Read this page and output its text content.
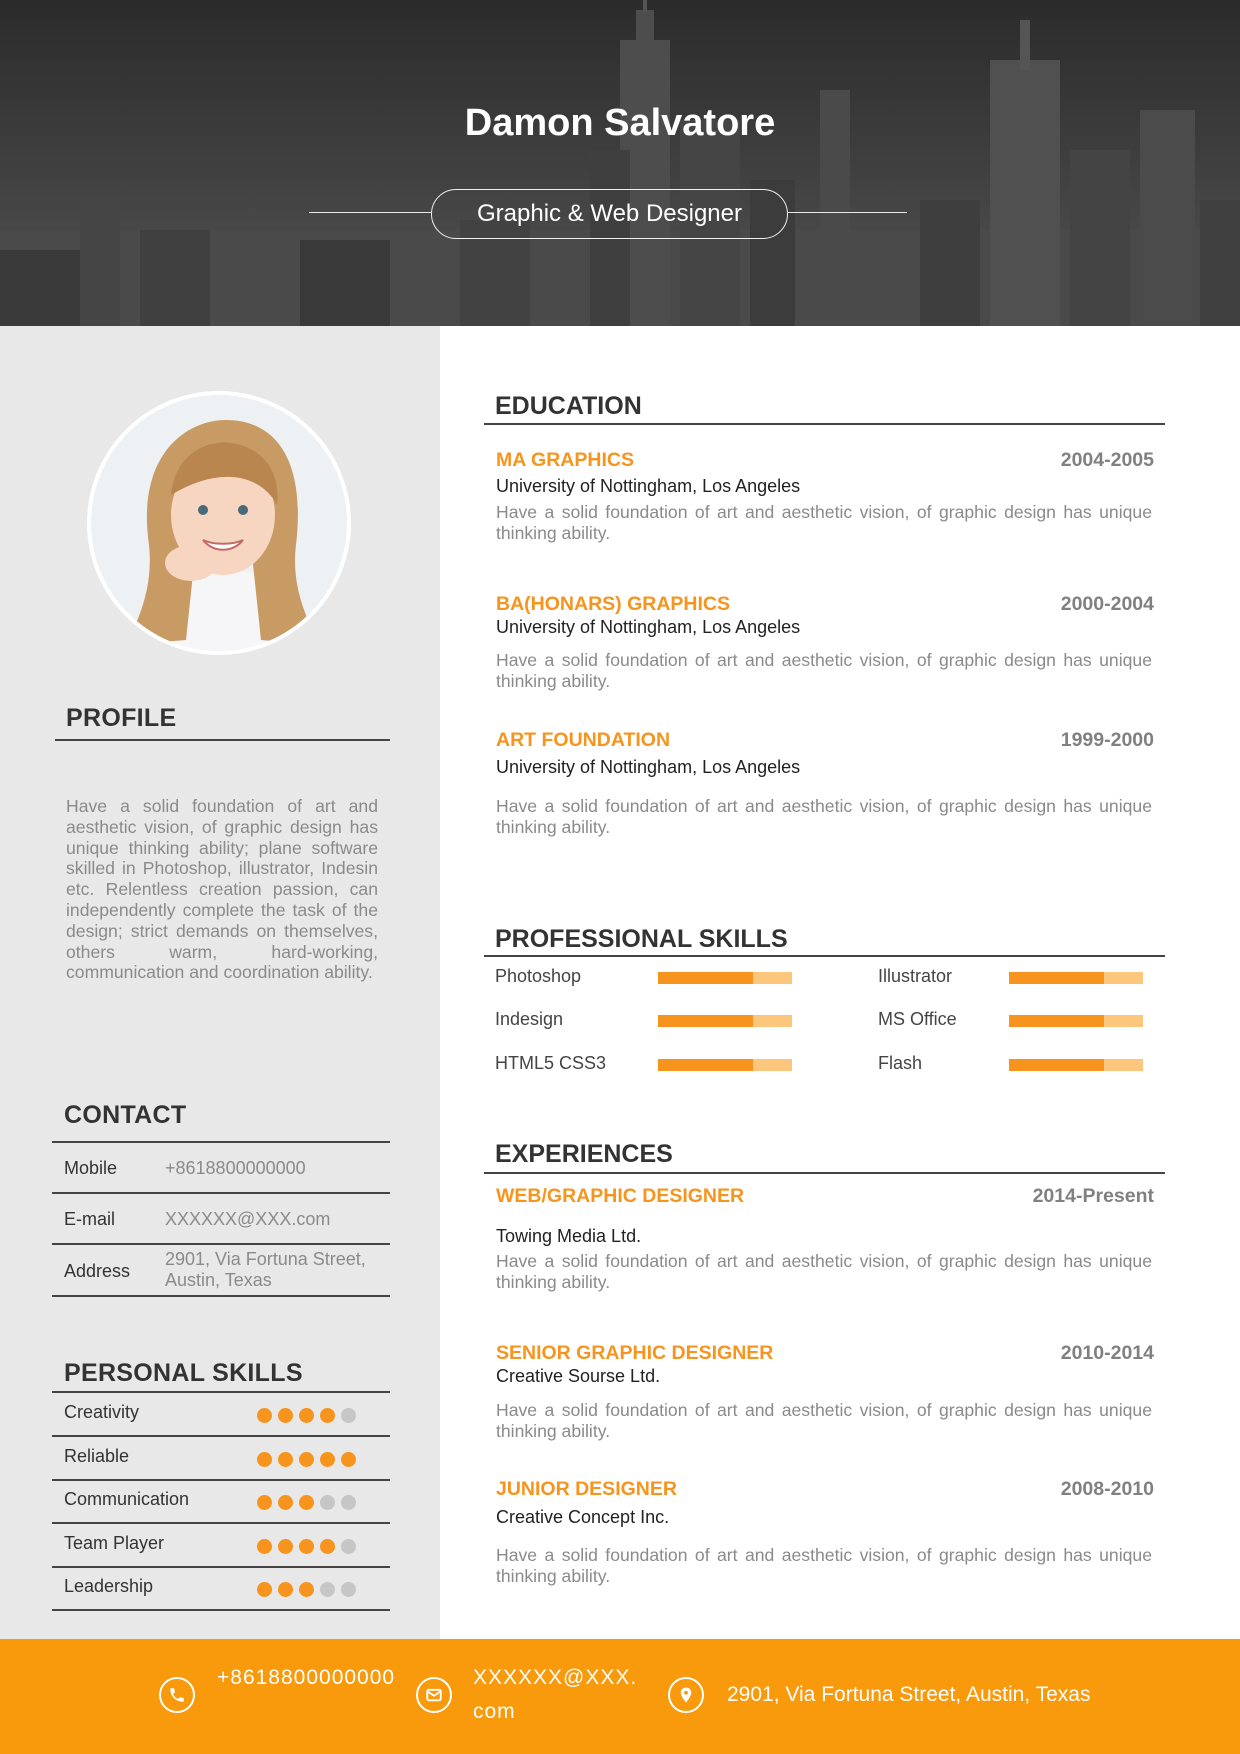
Damon Salvatore
Graphic & Web Designer
PROFILE
Have a solid foundation of art and aesthetic vision, of graphic design has unique thinking ability; plane software skilled in Photoshop, illustrator, Indesin etc. Relentless creation passion, can independently complete the task of the design; strict demands on themselves, others warm, hard-working, communication and coordination ability.
CONTACT
Mobile	+8618800000000
E-mail	XXXXXX@XXX.com
Address
2901, Via Fortuna Street, Austin, Texas
PERSONAL SKILLS
Creativity
Reliable
Communication
Team Player
Leadership
EDUCATION
MA GRAPHICS	2004-2005
University of Nottingham, Los Angeles
Have a solid foundation of art and aesthetic vision, of graphic design has unique thinking ability.
BA(HONARS) GRAPHICS	2000-2004
University of Nottingham, Los Angeles
Have a solid foundation of art and aesthetic vision, of graphic design has unique thinking ability.
ART FOUNDATION	1999-2000
University of Nottingham, Los Angeles
Have a solid foundation of art and aesthetic vision, of graphic design has unique thinking ability.
PROFESSIONAL SKILLS
Photoshop	Illustrator
Indesign	MS Office
HTML5 CSS3	Flash
EXPERIENCES
WEB/GRAPHIC DESIGNER	2014-Present
Towing Media Ltd.
Have a solid foundation of art and aesthetic vision, of graphic design has unique thinking ability.
SENIOR GRAPHIC DESIGNER	2010-2014
Creative Sourse Ltd.
Have a solid foundation of art and aesthetic vision, of graphic design has unique thinking ability.
JUNIOR DESIGNER	2008-2010
Creative Concept Inc.
Have a solid foundation of art and aesthetic vision, of graphic design has unique thinking ability.
+8618800000000	XXXXXX@XXX.com
2901, Via Fortuna Street, Austin, Texas
